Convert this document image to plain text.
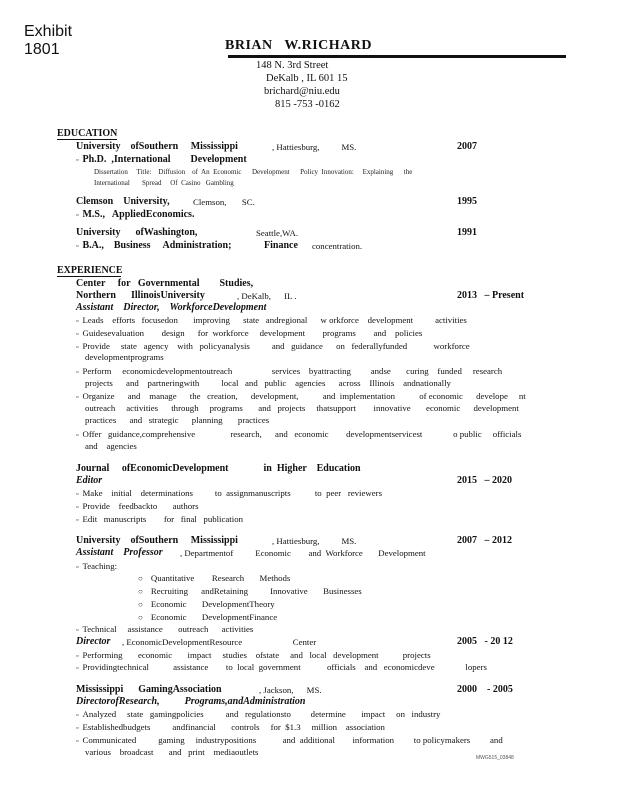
Exhibit
1801	BRIAN   W.RICHARD
148 N. 3rd Street
DeKalb , IL 601 15
brichard@niu.edu
815 -753 -0162
EDUCATION
University    ofSouthern     Mississippi	, Hattiesburg,          MS.	2007
▫ Ph.D.  ,International        Development
Dissertation     Title:    Diffusion    of  An  Economic      Development      Policy  Innovation:     Explaining      the
International       Spread     Of  Casino   Gambling
Clemson    University,	Clemson,       SC.	1995
▫ M.S.,   AppliedEconomics.
University      ofWashington,	Seattle,WA.	1991
▫ B.A.,    Business     Administration;	Finance concentration.
EXPERIENCE
Center     for   Governmental        Studies,
Northern      IllinoisUniversity	, DeKalb,      IL .	2013   – Present
Assistant    Director,    WorkforceDevelopment
▫ Leads    efforts   focusedon       improving      state   andregional      w orkforce    development          activities
▫ Guidesevaluation        design      for  workforce     development        programs        and    policies
▫ Provide     state   agency    with   policyanalysis          and   guidance      on   federallyfunded            workforce
developmentprograms
▫ Perform     economicdevelopmentoutreach                  services    byattracting         andse       curing    funded     research
projects      and    partneringwith          local   and   public    agencies      across    Illinois    andnationally
▫ Organize      and    manage      the   creation,      development,           and  implementation           of economic      develope     nt
outreach     activities      through     programs       and   projects     thatsupport        innovative       economic      development
practices      and   strategic      planning       practices
▫ Offer   guidance,comprehensive                research,      and   economic        developmentservicest              o public     officials
and    agencies
Journal     ofEconomicDevelopment              in  Higher    Education
Editor	2015   – 2020
▫ Make    initial    determinations          to  assignmanuscripts           to  peer   reviewers
▫ Provide    feedbackto       authors
▫ Edit   manuscripts        for   final   publication
University    ofSouthern     Mississippi	, Hattiesburg,          MS.	2007   – 2012
Assistant    Professor , Departmentof          Economic        and  Workforce       Development
▫ Teaching:
○ Quantitative        Research       Methods
○ Recruiting      andRetaining          Innovative       Businesses
○ Economic       DevelopmentTheory
○ Economic       DevelopmentFinance
▫ Technical     assistance       outreach      activities
Director , EconomicDevelopmentResource                       Center	2005   - 20 12
▫ Performing       economic       impact     studies    ofstate     and   local   development           projects
▫ Providingtechnical           assistance        to  local  government            officials    and   economicdeve              lopers
Mississippi      GamingAssociation	, Jackson,      MS.	2000    - 2005
DirectorofResearch,          Programs,andAdministration
▫ Analyzed     state   gamingpolicies          and   regulationsto         determine       impact     on   industry
▫ Establishedbudgets          andfinancial       controls     for  $1.3     million    association
▫ Communicated          gaming     industrypositions            and  additional        information         to policymakers         and
various    broadcast       and   print    mediaoutlets
MWG515_03848
